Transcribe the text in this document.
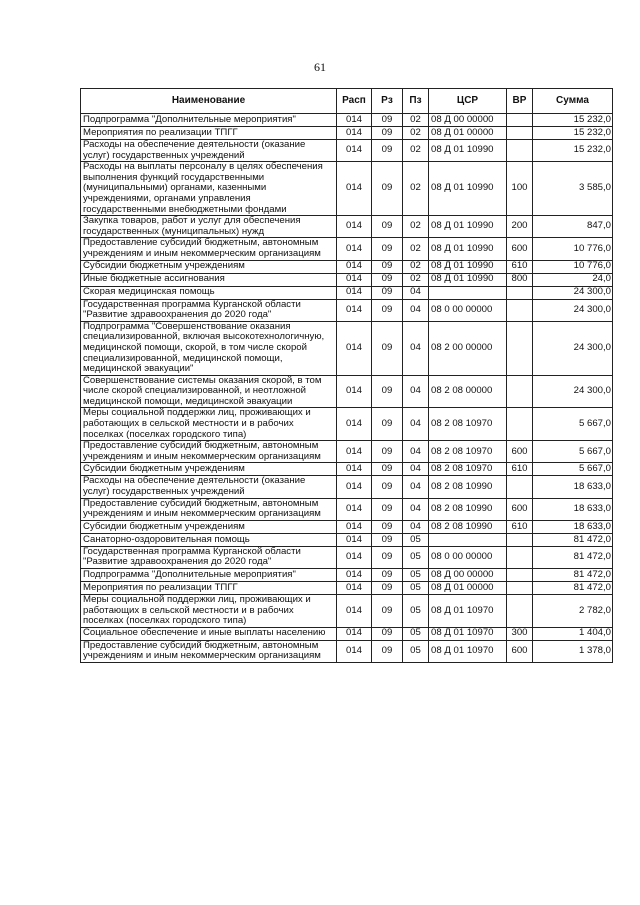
61
Наименование	Расп	Рз	Пз	ЦСР	ВР	Сумма
Подпрограмма "Дополнительные мероприятия"	014	09	02	08 Д 00 00000		15 232,0
Мероприятия по реализации ТПГГ	014	09	02	08 Д 01 00000		15 232,0
Расходы на обеспечение деятельности (оказание услуг) государственных учреждений	014	09	02	08 Д 01 10990		15 232,0
Расходы на выплаты персоналу в целях обеспечения выполнения функций государственными (муниципальными) органами, казенными учреждениями, органами управления государственными внебюджетными фондами	014	09	02	08 Д 01 10990	100	3 585,0
Закупка товаров, работ и услуг для обеспечения государственных (муниципальных) нужд	014	09	02	08 Д 01 10990	200	847,0
Предоставление субсидий бюджетным, автономным учреждениям и иным некоммерческим организациям	014	09	02	08 Д 01 10990	600	10 776,0
Субсидии бюджетным учреждениям	014	09	02	08 Д 01 10990	610	10 776,0
Иные бюджетные ассигнования	014	09	02	08 Д 01 10990	800	24,0
Скорая медицинская помощь	014	09	04			24 300,0
Государственная программа Курганской области "Развитие здравоохранения до 2020 года"	014	09	04	08 0 00 00000		24 300,0
Подпрограмма "Совершенствование оказания специализированной, включая высокотехнологичную, медицинской помощи, скорой, в том числе скорой специализированной, медицинской помощи, медицинской эвакуации"	014	09	04	08 2 00 00000		24 300,0
Совершенствование системы оказания скорой, в том числе скорой специализированной, и неотложной медицинской помощи, медицинской эвакуации	014	09	04	08 2 08 00000		24 300,0
Меры социальной поддержки лиц, проживающих и работающих в сельской местности и в рабочих поселках (поселках городского типа)	014	09	04	08 2 08 10970		5 667,0
Предоставление субсидий бюджетным, автономным учреждениям и иным некоммерческим организациям	014	09	04	08 2 08 10970	600	5 667,0
Субсидии бюджетным учреждениям	014	09	04	08 2 08 10970	610	5 667,0
Расходы на обеспечение деятельности (оказание услуг) государственных учреждений	014	09	04	08 2 08 10990		18 633,0
Предоставление субсидий бюджетным, автономным учреждениям и иным некоммерческим организациям	014	09	04	08 2 08 10990	600	18 633,0
Субсидии бюджетным учреждениям	014	09	04	08 2 08 10990	610	18 633,0
Санаторно-оздоровительная помощь	014	09	05			81 472,0
Государственная программа Курганской области "Развитие здравоохранения до 2020 года"	014	09	05	08 0 00 00000		81 472,0
Подпрограмма "Дополнительные мероприятия"	014	09	05	08 Д 00 00000		81 472,0
Мероприятия по реализации ТПГГ	014	09	05	08 Д 01 00000		81 472,0
Меры социальной поддержки лиц, проживающих и работающих в сельской местности и в рабочих поселках (поселках городского типа)	014	09	05	08 Д 01 10970		2 782,0
Социальное обеспечение и иные выплаты населению	014	09	05	08 Д 01 10970	300	1 404,0
Предоставление субсидий бюджетным, автономным учреждениям и иным некоммерческим организациям	014	09	05	08 Д 01 10970	600	1 378,0
